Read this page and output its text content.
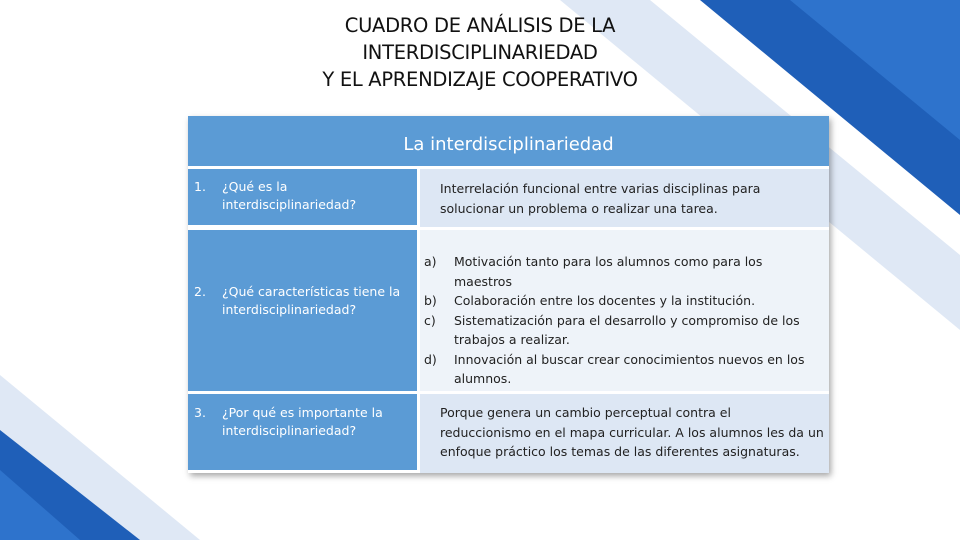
CUADRO DE ANÁLISIS DE LA
INTERDISCIPLINARIEDAD
Y EL APRENDIZAJE COOPERATIVO
La interdisciplinariedad
1. ¿Qué es la interdisciplinariedad?
Interrelación funcional entre varias disciplinas para solucionar un problema o realizar una tarea.
2. ¿Qué características tiene la interdisciplinariedad?
a) Motivación tanto para los alumnos como para los maestros
b) Colaboración entre los docentes y la institución.
c) Sistematización para el desarrollo y compromiso de los trabajos a realizar.
d) Innovación al buscar crear conocimientos nuevos en los alumnos.
3. ¿Por qué es importante la interdisciplinariedad?
Porque genera un cambio perceptual contra el reduccionismo en el mapa curricular. A los alumnos les da un enfoque práctico los temas de las diferentes asignaturas.
